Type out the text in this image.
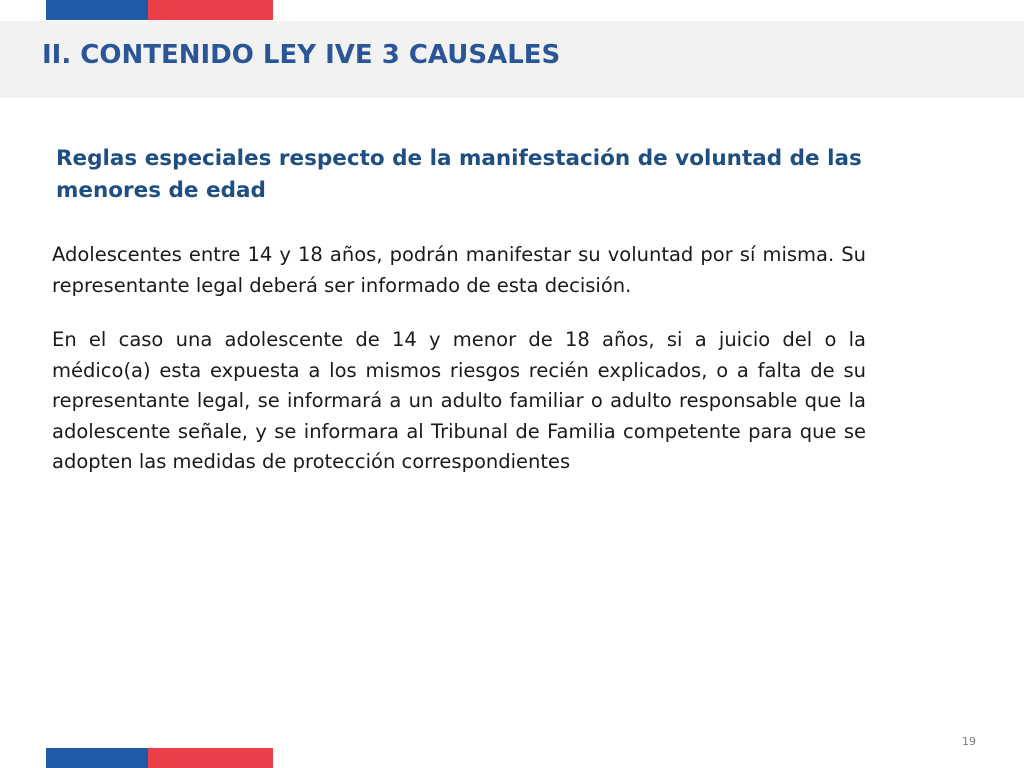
II. CONTENIDO LEY IVE 3 CAUSALES
Reglas especiales respecto de la manifestación de voluntad de las menores de edad

Adolescentes entre 14 y 18 años, podrán manifestar su voluntad por sí misma. Su representante legal deberá ser informado de esta decisión.

En el caso una adolescente de 14 y menor de 18 años, si a juicio del o la médico(a) esta expuesta a los mismos riesgos recién explicados, o a falta de su representante legal, se informará a un adulto familiar o adulto responsable que la adolescente señale, y se informara al Tribunal de Familia competente para que se adopten las medidas de protección correspondientes

19
